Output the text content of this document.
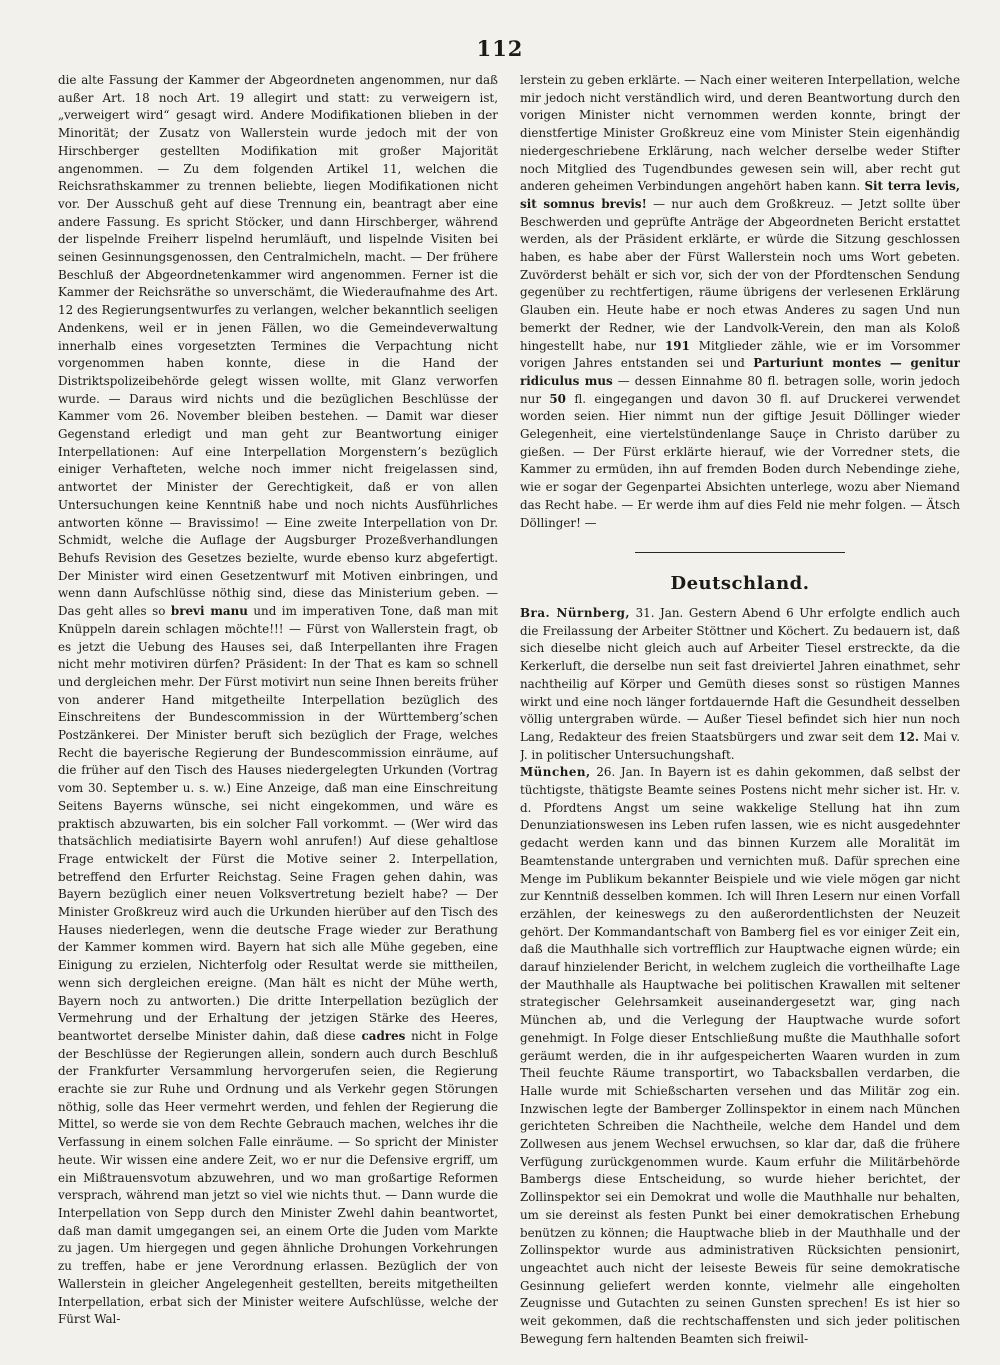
112

die alte Fassung der Kammer der Abgeordneten angenommen, nur daß außer Art. 18 noch Art. 19 allegirt und statt: zu verweigern ist, „verweigert wird“ gesagt wird. Andere Modifikationen blieben in der Minorität; der Zusatz von Wallerstein wurde jedoch mit der von Hirschberger gestellten Modifikation mit großer Majorität angenommen. — Zu dem folgenden Artikel 11, welchen die Reichsrathskammer zu trennen beliebte, liegen Modifikationen nicht vor. Der Ausschuß geht auf diese Trennung ein, beantragt aber eine andere Fassung. Es spricht Stöcker, und dann Hirschberger, während der lispelnde Freiherr lispelnd herumläuft, und lispelnde Visiten bei seinen Gesinnungsgenossen, den Centralmicheln, macht. — Der frühere Beschluß der Abgeordnetenkammer wird angenommen. Ferner ist die Kammer der Reichsräthe so unverschämt, die Wiederaufnahme des Art. 12 des Regierungsentwurfes zu verlangen, welcher bekanntlich seeligen Andenkens, weil er in jenen Fällen, wo die Gemeindeverwaltung innerhalb eines vorgesetzten Termines die Verpachtung nicht vorgenommen haben konnte, diese in die Hand der Distriktspolizeibehörde gelegt wissen wollte, mit Glanz verworfen wurde. — Daraus wird nichts und die bezüglichen Beschlüsse der Kammer vom 26. November bleiben bestehen. — Damit war dieser Gegenstand erledigt und man geht zur Beantwortung einiger Interpellationen: Auf eine Interpellation Morgenstern’s bezüglich einiger Verhafteten, welche noch immer nicht freigelassen sind, antwortet der Minister der Gerechtigkeit, daß er von allen Untersuchungen keine Kenntniß habe und noch nichts Ausführliches antworten könne — Bravissimo! — Eine zweite Interpellation von Dr. Schmidt, welche die Auflage der Augsburger Prozeßverhandlungen Behufs Revision des Gesetzes bezielte, wurde ebenso kurz abgefertigt. Der Minister wird einen Gesetzentwurf mit Motiven einbringen, und wenn dann Aufschlüsse nöthig sind, diese das Ministerium geben. — Das geht alles so brevi manu und im imperativen Tone, daß man mit Knüppeln darein schlagen möchte!!! — Fürst von Wallerstein fragt, ob es jetzt die Uebung des Hauses sei, daß Interpellanten ihre Fragen nicht mehr motiviren dürfen? Präsident: In der That es kam so schnell und dergleichen mehr. Der Fürst motivirt nun seine Ihnen bereits früher von anderer Hand mitgetheilte Interpellation bezüglich des Einschreitens der Bundescommission in der Württemberg’schen Postzänkerei. Der Minister beruft sich bezüglich der Frage, welches Recht die bayerische Regierung der Bundescommission einräume, auf die früher auf den Tisch des Hauses niedergelegten Urkunden (Vortrag vom 30. September u. s. w.) Eine Anzeige, daß man eine Einschreitung Seitens Bayerns wünsche, sei nicht eingekommen, und wäre es praktisch abzuwarten, bis ein solcher Fall vorkommt. — (Wer wird das thatsächlich mediatisirte Bayern wohl anrufen!) Auf diese gehaltlose Frage entwickelt der Fürst die Motive seiner 2. Interpellation, betreffend den Erfurter Reichstag. Seine Fragen gehen dahin, was Bayern bezüglich einer neuen Volksvertretung bezielt habe? — Der Minister Großkreuz wird auch die Urkunden hierüber auf den Tisch des Hauses niederlegen, wenn die deutsche Frage wieder zur Berathung der Kammer kommen wird. Bayern hat sich alle Mühe gegeben, eine Einigung zu erzielen, Nichterfolg oder Resultat werde sie mittheilen, wenn sich dergleichen ereigne. (Man hält es nicht der Mühe werth, Bayern noch zu antworten.) Die dritte Interpellation bezüglich der Vermehrung und der Erhaltung der jetzigen Stärke des Heeres, beantwortet derselbe Minister dahin, daß diese cadres nicht in Folge der Beschlüsse der Regierungen allein, sondern auch durch Beschluß der Frankfurter Versammlung hervorgerufen seien, die Regierung erachte sie zur Ruhe und Ordnung und als Verkehr gegen Störungen nöthig, solle das Heer vermehrt werden, und fehlen der Regierung die Mittel, so werde sie von dem Rechte Gebrauch machen, welches ihr die Verfassung in einem solchen Falle einräume. — So spricht der Minister heute. Wir wissen eine andere Zeit, wo er nur die Defensive ergriff, um ein Mißtrauensvotum abzuwehren, und wo man großartige Reformen versprach, während man jetzt so viel wie nichts thut. — Dann wurde die Interpellation von Sepp durch den Minister Zwehl dahin beantwortet, daß man damit umgegangen sei, an einem Orte die Juden vom Markte zu jagen. Um hiergegen und gegen ähnliche Drohungen Vorkehrungen zu treffen, habe er jene Verordnung erlassen. Bezüglich der von Wallerstein in gleicher Angelegenheit gestellten, bereits mitgetheilten Interpellation, erbat sich der Minister weitere Aufschlüsse, welche der Fürst Wal-

lerstein zu geben erklärte. — Nach einer weiteren Interpellation, welche mir jedoch nicht verständlich wird, und deren Beantwortung durch den vorigen Minister nicht vernommen werden konnte, bringt der dienstfertige Minister Großkreuz eine vom Minister Stein eigenhändig niedergeschriebene Erklärung, nach welcher derselbe weder Stifter noch Mitglied des Tugendbundes gewesen sein will, aber recht gut anderen geheimen Verbindungen angehört haben kann. Sit terra levis, sit somnus brevis! — nur auch dem Großkreuz. — Jetzt sollte über Beschwerden und geprüfte Anträge der Abgeordneten Bericht erstattet werden, als der Präsident erklärte, er würde die Sitzung geschlossen haben, es habe aber der Fürst Wallerstein noch ums Wort gebeten. Zuvörderst behält er sich vor, sich der von der Pfordtenschen Sendung gegenüber zu rechtfertigen, räume übrigens der verlesenen Erklärung Glauben ein. Heute habe er noch etwas Anderes zu sagen Und nun bemerkt der Redner, wie der Landvolk-Verein, den man als Koloß hingestellt habe, nur 191 Mitglieder zähle, wie er im Vorsommer vorigen Jahres entstanden sei und Parturiunt montes — genitur ridiculus mus — dessen Einnahme 80 fl. betragen solle, worin jedoch nur 50 fl. eingegangen und davon 30 fl. auf Druckerei verwendet worden seien. Hier nimmt nun der giftige Jesuit Döllinger wieder Gelegenheit, eine viertelstündenlange Sauçe in Christo darüber zu gießen. — Der Fürst erklärte hierauf, wie der Vorredner stets, die Kammer zu ermüden, ihn auf fremden Boden durch Nebendinge ziehe, wie er sogar der Gegenpartei Absichten unterlege, wozu aber Niemand das Recht habe. — Er werde ihm auf dies Feld nie mehr folgen. — Ätsch Döllinger! —

Deutschland.

Bra. Nürnberg, 31. Jan. Gestern Abend 6 Uhr erfolgte endlich auch die Freilassung der Arbeiter Stöttner und Köchert. Zu bedauern ist, daß sich dieselbe nicht gleich auch auf Arbeiter Tiesel erstreckte, da die Kerkerluft, die derselbe nun seit fast dreiviertel Jahren einathmet, sehr nachtheilig auf Körper und Gemüth dieses sonst so rüstigen Mannes wirkt und eine noch länger fortdauernde Haft die Gesundheit desselben völlig untergraben würde. — Außer Tiesel befindet sich hier nun noch Lang, Redakteur des freien Staatsbürgers und zwar seit dem 12. Mai v. J. in politischer Untersuchungshaft.

München, 26. Jan. In Bayern ist es dahin gekommen, daß selbst der tüchtigste, thätigste Beamte seines Postens nicht mehr sicher ist. Hr. v. d. Pfordtens Angst um seine wakkelige Stellung hat ihn zum Denunziationswesen ins Leben rufen lassen, wie es nicht ausgedehnter gedacht werden kann und das binnen Kurzem alle Moralität im Beamtenstande untergraben und vernichten muß. Dafür sprechen eine Menge im Publikum bekannter Beispiele und wie viele mögen gar nicht zur Kenntniß desselben kommen. Ich will Ihren Lesern nur einen Vorfall erzählen, der keineswegs zu den außerordentlichsten der Neuzeit gehört. Der Kommandantschaft von Bamberg fiel es vor einiger Zeit ein, daß die Mauthhalle sich vortrefflich zur Hauptwache eignen würde; ein darauf hinzielender Bericht, in welchem zugleich die vortheilhafte Lage der Mauthhalle als Hauptwache bei politischen Krawallen mit seltener strategischer Gelehrsamkeit auseinandergesetzt war, ging nach München ab, und die Verlegung der Hauptwache wurde sofort genehmigt. In Folge dieser Entschließung mußte die Mauthhalle sofort geräumt werden, die in ihr aufgespeicherten Waaren wurden in zum Theil feuchte Räume transportirt, wo Tabacksballen verdarben, die Halle wurde mit Schießscharten versehen und das Militär zog ein. Inzwischen legte der Bamberger Zollinspektor in einem nach München gerichteten Schreiben die Nachtheile, welche dem Handel und dem Zollwesen aus jenem Wechsel erwuchsen, so klar dar, daß die frühere Verfügung zurückgenommen wurde. Kaum erfuhr die Militärbehörde Bambergs diese Entscheidung, so wurde hieher berichtet, der Zollinspektor sei ein Demokrat und wolle die Mauthhalle nur behalten, um sie dereinst als festen Punkt bei einer demokratischen Erhebung benützen zu können; die Hauptwache blieb in der Mauthhalle und der Zollinspektor wurde aus administrativen Rücksichten pensionirt, ungeachtet auch nicht der leiseste Beweis für seine demokratische Gesinnung geliefert werden konnte, vielmehr alle eingeholten Zeugnisse und Gutachten zu seinen Gunsten sprechen! Es ist hier so weit gekommen, daß die rechtschaffensten und sich jeder politischen Bewegung fern haltenden Beamten sich freiwil-
